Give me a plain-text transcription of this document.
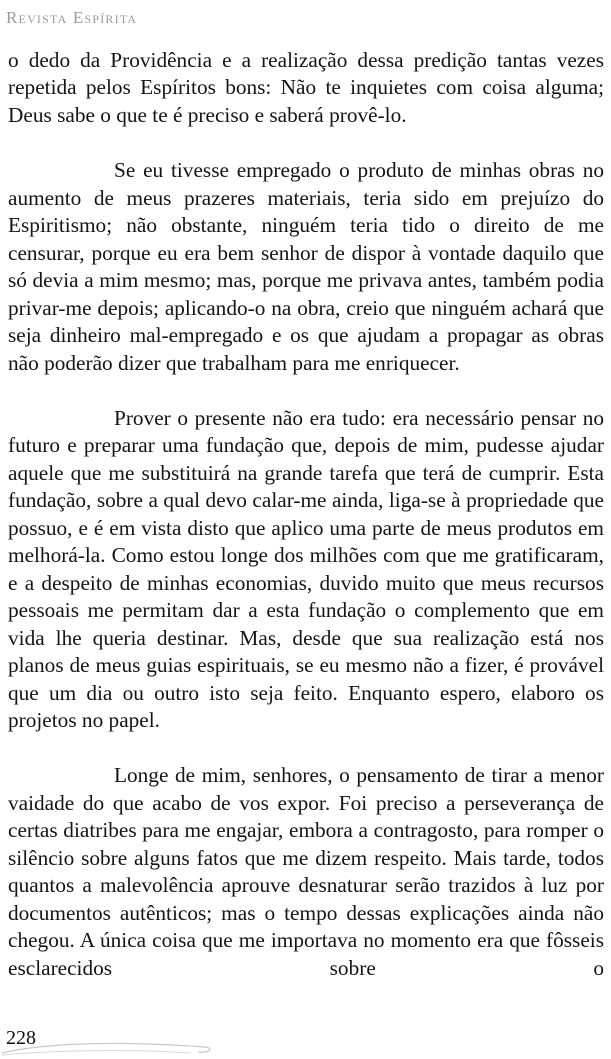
Revista Espírita

o dedo da Providência e a realização dessa predição tantas vezes repetida pelos Espíritos bons: Não te inquietes com coisa alguma; Deus sabe o que te é preciso e saberá provê-lo.

Se eu tivesse empregado o produto de minhas obras no aumento de meus prazeres materiais, teria sido em prejuízo do Espiritismo; não obstante, ninguém teria tido o direito de me censurar, porque eu era bem senhor de dispor à vontade daquilo que só devia a mim mesmo; mas, porque me privava antes, também podia privar-me depois; aplicando-o na obra, creio que ninguém achará que seja dinheiro mal-empregado e os que ajudam a propagar as obras não poderão dizer que trabalham para me enriquecer.

Prover o presente não era tudo: era necessário pensar no futuro e preparar uma fundação que, depois de mim, pudesse ajudar aquele que me substituirá na grande tarefa que terá de cumprir. Esta fundação, sobre a qual devo calar-me ainda, liga-se à propriedade que possuo, e é em vista disto que aplico uma parte de meus produtos em melhorá-la. Como estou longe dos milhões com que me gratificaram, e a despeito de minhas economias, duvido muito que meus recursos pessoais me permitam dar a esta fundação o complemento que em vida lhe queria destinar. Mas, desde que sua realização está nos planos de meus guias espirituais, se eu mesmo não a fizer, é provável que um dia ou outro isto seja feito. Enquanto espero, elaboro os projetos no papel.

Longe de mim, senhores, o pensamento de tirar a menor vaidade do que acabo de vos expor. Foi preciso a perseverança de certas diatribes para me engajar, embora a contragosto, para romper o silêncio sobre alguns fatos que me dizem respeito. Mais tarde, todos quantos a malevolência aprouve desnaturar serão trazidos à luz por documentos autênticos; mas o tempo dessas explicações ainda não chegou. A única coisa que me importava no momento era que fôsseis esclarecidos sobre o

228
